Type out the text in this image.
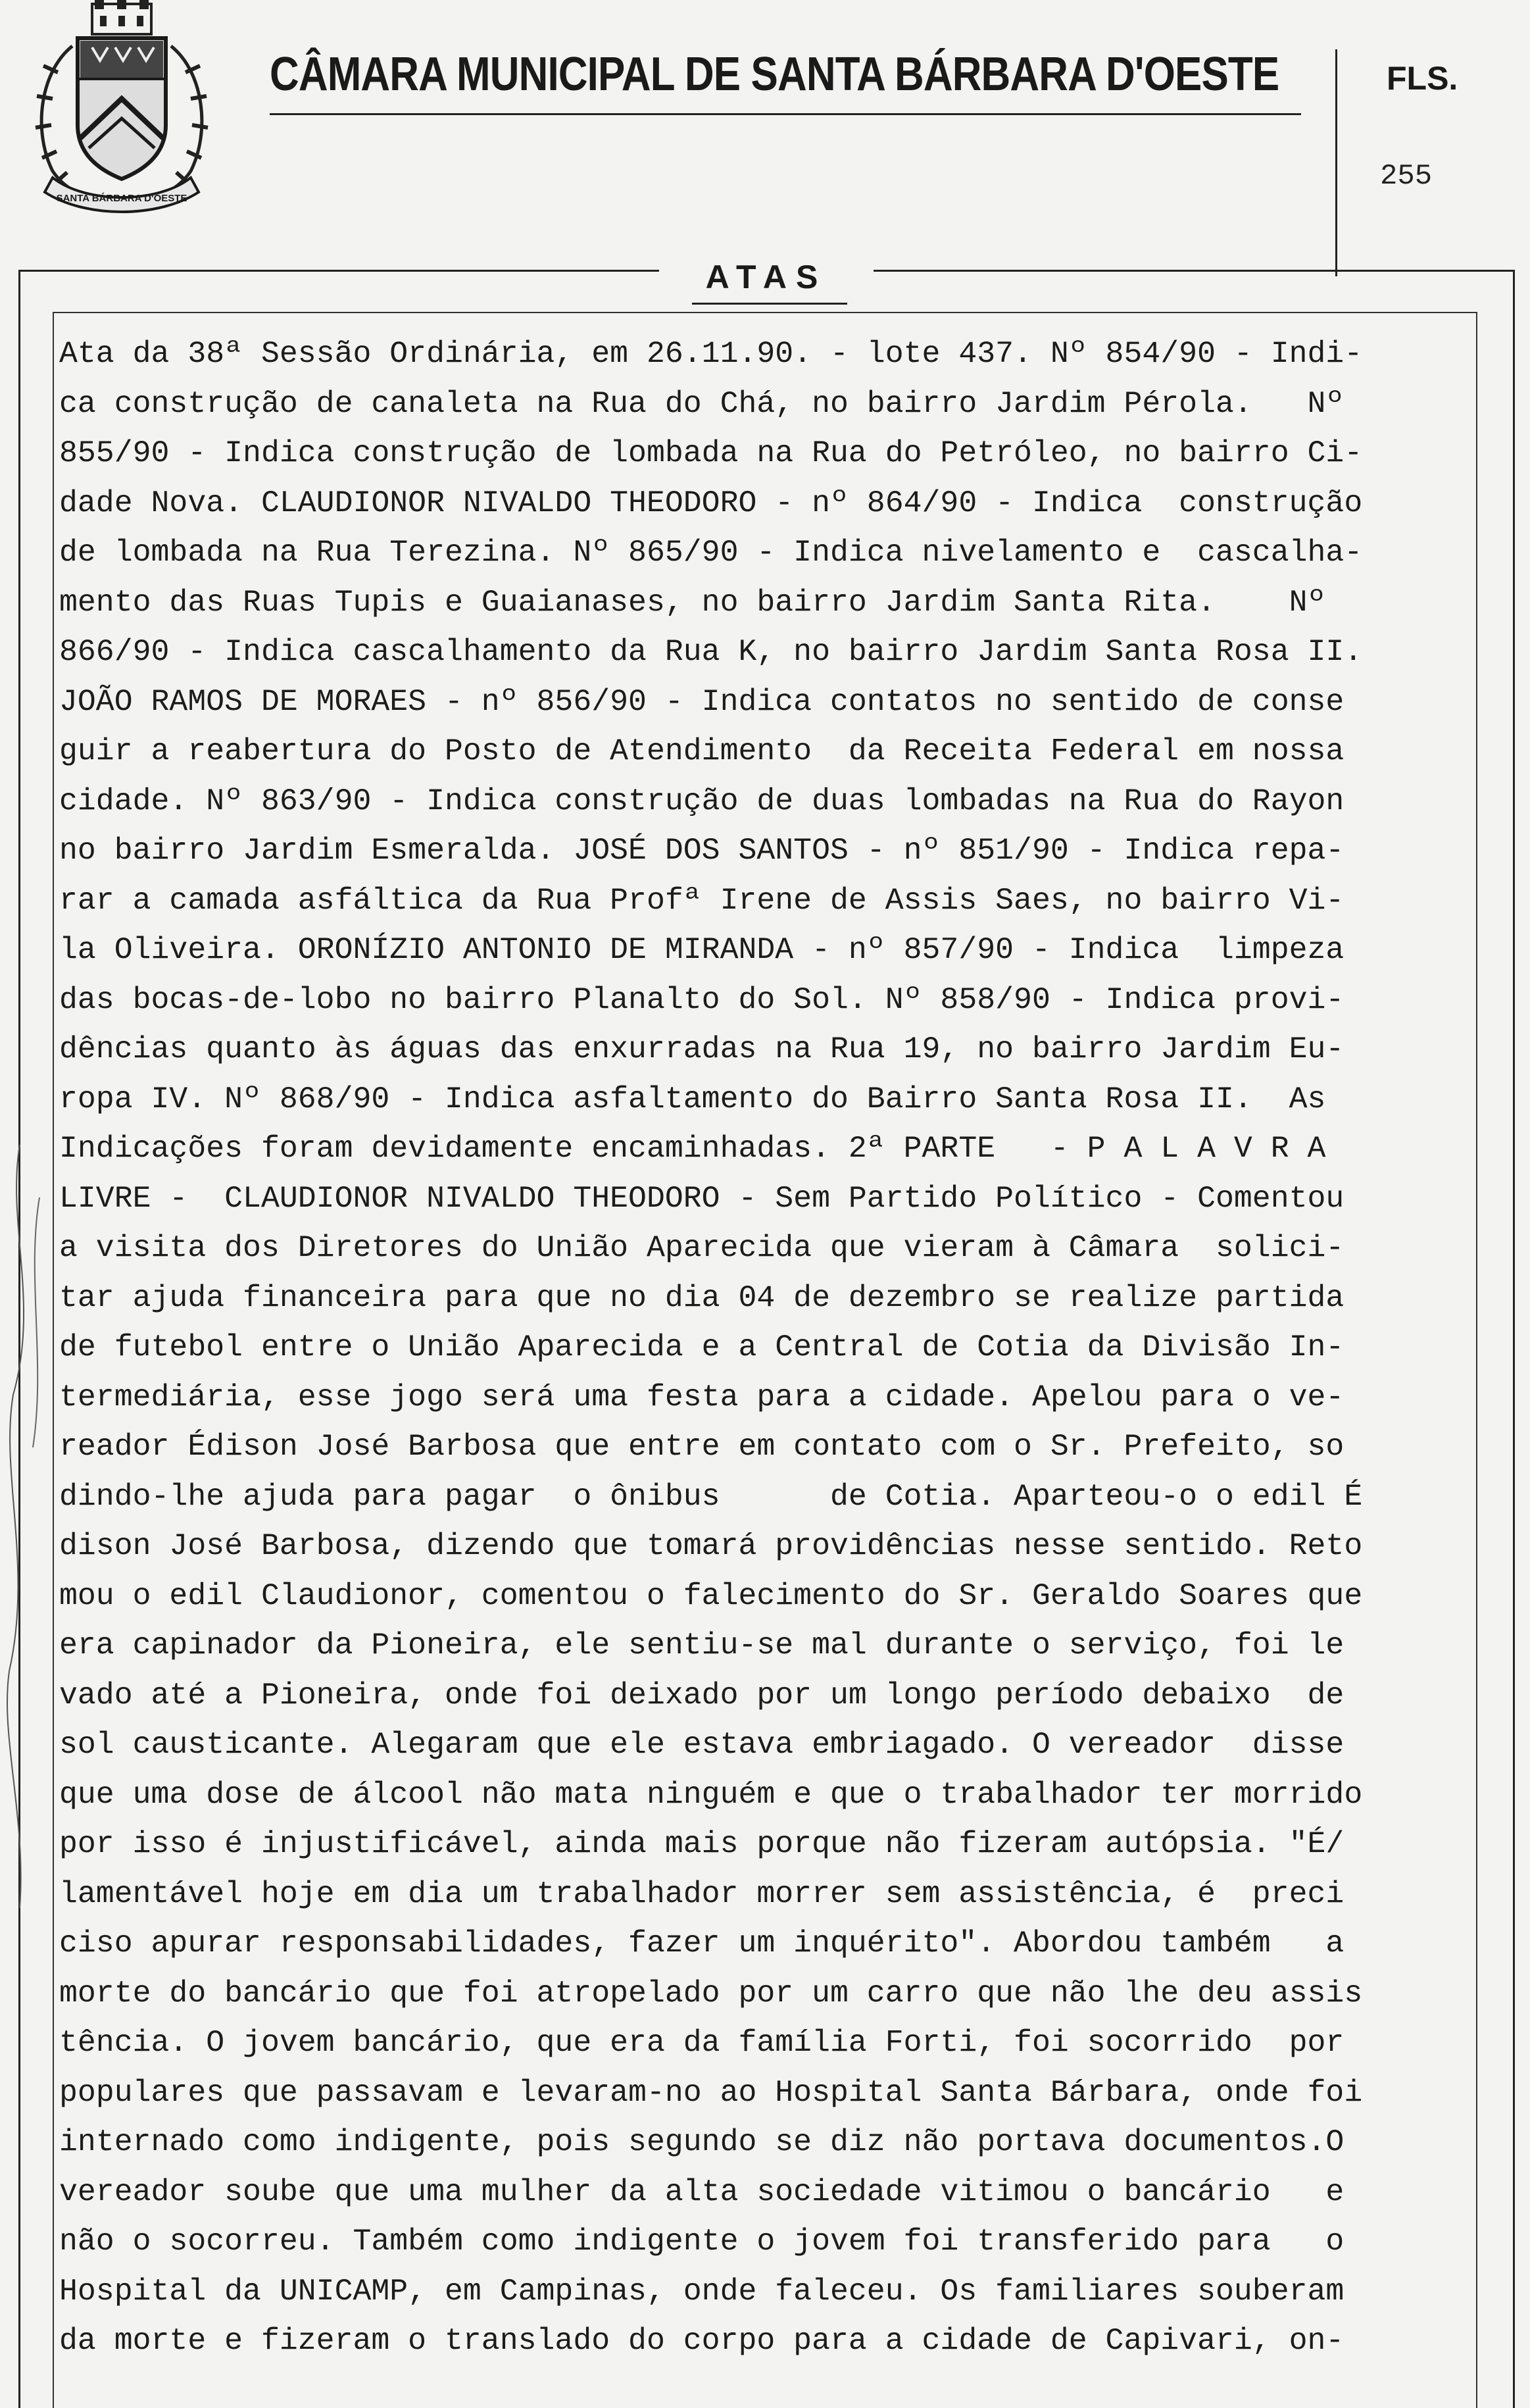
SANTA BÁRBARA D'OESTE
CÂMARA MUNICIPAL DE SANTA BÁRBARA D'OESTE	FLS.
255
ATAS
Ata da 38ª Sessão Ordinária, em 26.11.90. - lote 437. Nº 854/90 - Indi-
ca construção de canaleta na Rua do Chá, no bairro Jardim Pérola.   Nº
855/90 - Indica construção de lombada na Rua do Petróleo, no bairro Ci-
dade Nova. CLAUDIONOR NIVALDO THEODORO - nº 864/90 - Indica  construção
de lombada na Rua Terezina. Nº 865/90 - Indica nivelamento e  cascalha-
mento das Ruas Tupis e Guaianases, no bairro Jardim Santa Rita.    Nº
866/90 - Indica cascalhamento da Rua K, no bairro Jardim Santa Rosa II.
JOÃO RAMOS DE MORAES - nº 856/90 - Indica contatos no sentido de conse
guir a reabertura do Posto de Atendimento  da Receita Federal em nossa
cidade. Nº 863/90 - Indica construção de duas lombadas na Rua do Rayon
no bairro Jardim Esmeralda. JOSÉ DOS SANTOS - nº 851/90 - Indica repa-
rar a camada asfáltica da Rua Profª Irene de Assis Saes, no bairro Vi-
la Oliveira. ORONÍZIO ANTONIO DE MIRANDA - nº 857/90 - Indica  limpeza
das bocas-de-lobo no bairro Planalto do Sol. Nº 858/90 - Indica provi-
dências quanto às águas das enxurradas na Rua 19, no bairro Jardim Eu-
ropa IV. Nº 868/90 - Indica asfaltamento do Bairro Santa Rosa II.  As
Indicações foram devidamente encaminhadas. 2ª PARTE   - P A L A V R A
LIVRE -  CLAUDIONOR NIVALDO THEODORO - Sem Partido Político - Comentou
a visita dos Diretores do União Aparecida que vieram à Câmara  solici-
tar ajuda financeira para que no dia 04 de dezembro se realize partida
de futebol entre o União Aparecida e a Central de Cotia da Divisão In-
termediária, esse jogo será uma festa para a cidade. Apelou para o ve-
reador Édison José Barbosa que entre em contato com o Sr. Prefeito, so
dindo-lhe ajuda para pagar  o ônibus      de Cotia. Aparteou-o o edil É
dison José Barbosa, dizendo que tomará providências nesse sentido. Reto
mou o edil Claudionor, comentou o falecimento do Sr. Geraldo Soares que
era capinador da Pioneira, ele sentiu-se mal durante o serviço, foi le
vado até a Pioneira, onde foi deixado por um longo período debaixo  de
sol causticante. Alegaram que ele estava embriagado. O vereador  disse
que uma dose de álcool não mata ninguém e que o trabalhador ter morrido
por isso é injustificável, ainda mais porque não fizeram autópsia. "É/
lamentável hoje em dia um trabalhador morrer sem assistência, é  preci
ciso apurar responsabilidades, fazer um inquérito". Abordou também   a
morte do bancário que foi atropelado por um carro que não lhe deu assis
tência. O jovem bancário, que era da família Forti, foi socorrido  por
populares que passavam e levaram-no ao Hospital Santa Bárbara, onde foi
internado como indigente, pois segundo se diz não portava documentos.O
vereador soube que uma mulher da alta sociedade vitimou o bancário   e
não o socorreu. Também como indigente o jovem foi transferido para   o
Hospital da UNICAMP, em Campinas, onde faleceu. Os familiares souberam
da morte e fizeram o translado do corpo para a cidade de Capivari, on-
